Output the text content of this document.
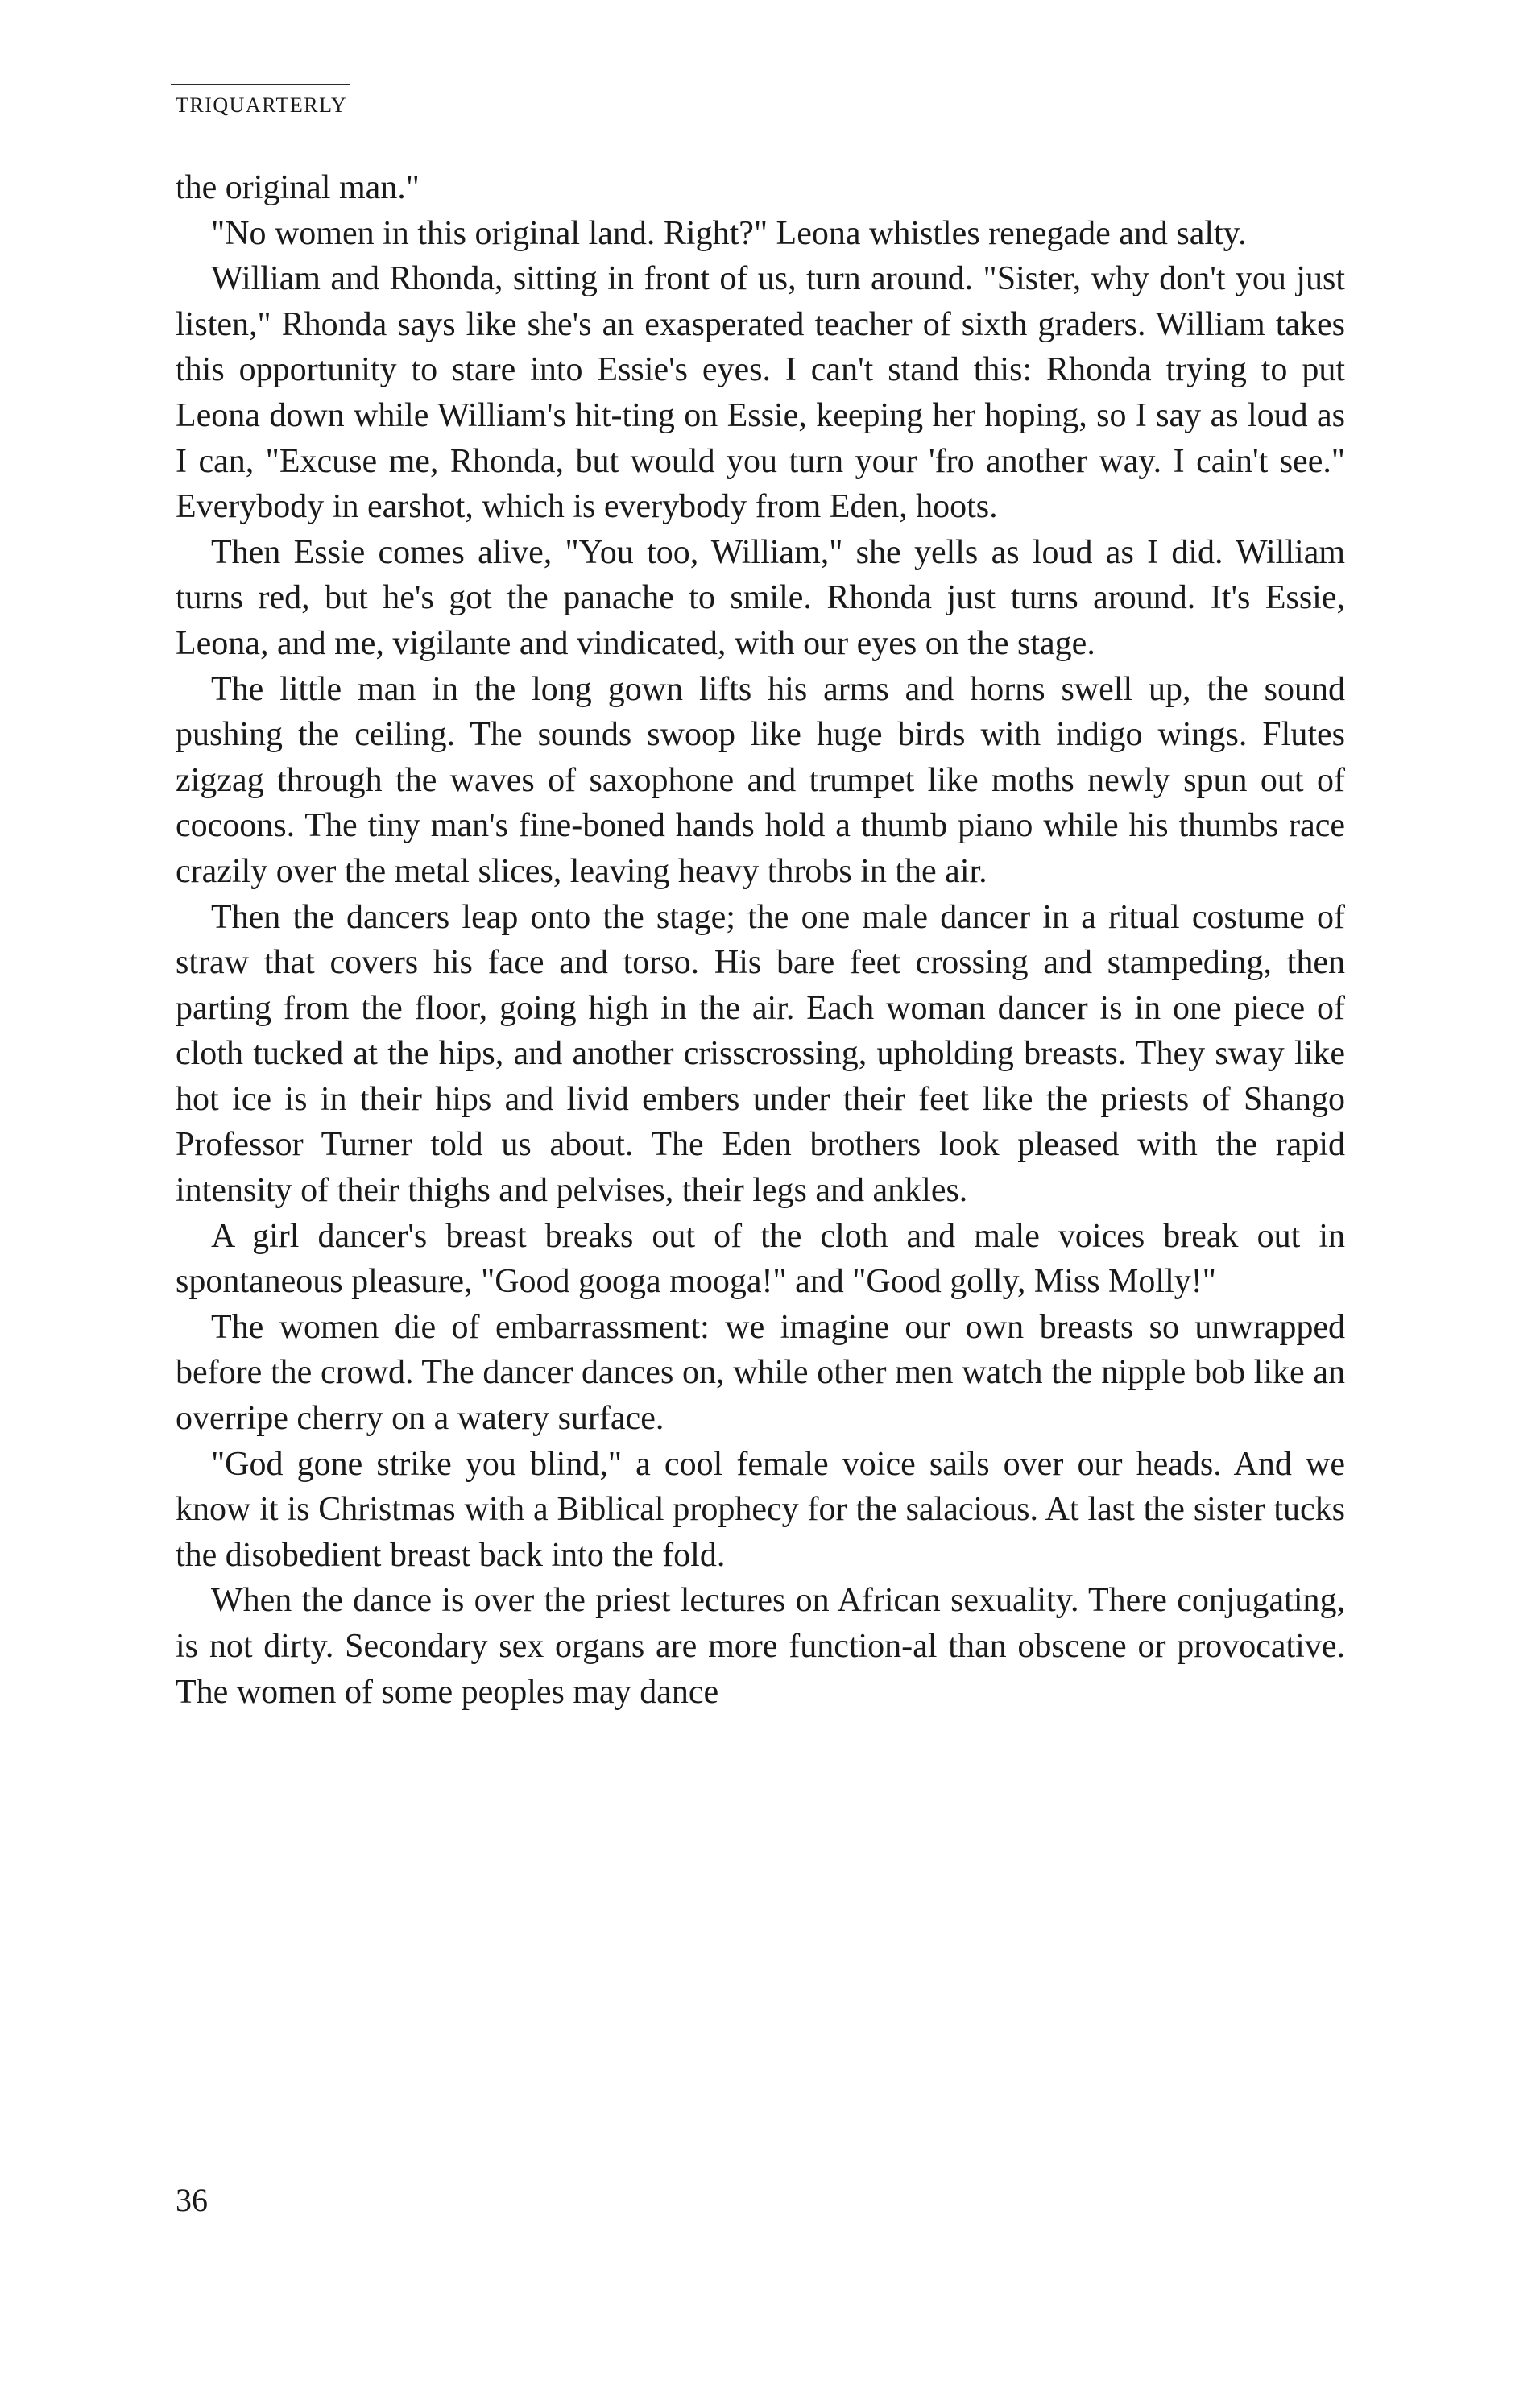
TRIQUARTERLY

the original man."

"No women in this original land. Right?" Leona whistles renegade and salty.

William and Rhonda, sitting in front of us, turn around. "Sister, why don't you just listen," Rhonda says like she's an exasperated teacher of sixth graders. William takes this opportunity to stare into Essie's eyes. I can't stand this: Rhonda trying to put Leona down while William's hit-ting on Essie, keeping her hoping, so I say as loud as I can, "Excuse me, Rhonda, but would you turn your 'fro another way. I cain't see." Everybody in earshot, which is everybody from Eden, hoots.

Then Essie comes alive, "You too, William," she yells as loud as I did. William turns red, but he's got the panache to smile. Rhonda just turns around. It's Essie, Leona, and me, vigilante and vindicated, with our eyes on the stage.

The little man in the long gown lifts his arms and horns swell up, the sound pushing the ceiling. The sounds swoop like huge birds with indigo wings. Flutes zigzag through the waves of saxophone and trumpet like moths newly spun out of cocoons. The tiny man's fine-boned hands hold a thumb piano while his thumbs race crazily over the metal slices, leaving heavy throbs in the air.

Then the dancers leap onto the stage; the one male dancer in a ritual costume of straw that covers his face and torso. His bare feet crossing and stampeding, then parting from the floor, going high in the air. Each woman dancer is in one piece of cloth tucked at the hips, and another crisscrossing, upholding breasts. They sway like hot ice is in their hips and livid embers under their feet like the priests of Shango Professor Turner told us about. The Eden brothers look pleased with the rapid intensity of their thighs and pelvises, their legs and ankles.

A girl dancer's breast breaks out of the cloth and male voices break out in spontaneous pleasure, "Good googa mooga!" and "Good golly, Miss Molly!"

The women die of embarrassment: we imagine our own breasts so unwrapped before the crowd. The dancer dances on, while other men watch the nipple bob like an overripe cherry on a watery surface.

"God gone strike you blind," a cool female voice sails over our heads. And we know it is Christmas with a Biblical prophecy for the salacious. At last the sister tucks the disobedient breast back into the fold.

When the dance is over the priest lectures on African sexuality. There conjugating, is not dirty. Secondary sex organs are more function-al than obscene or provocative. The women of some peoples may dance

36
